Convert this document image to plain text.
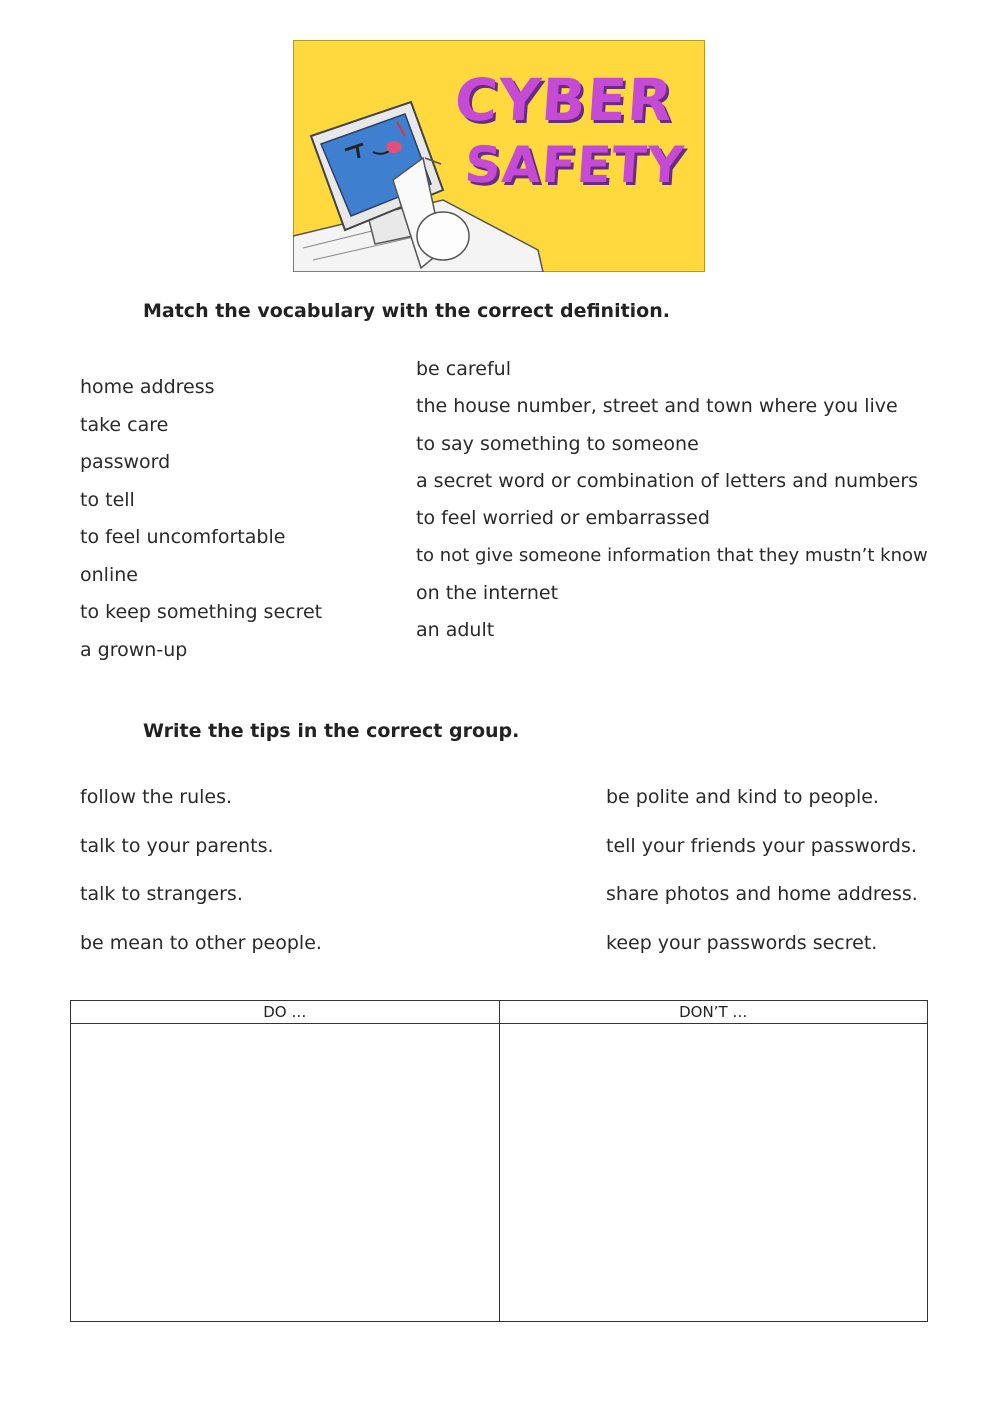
CYBER
SAFETY
Match the vocabulary with the correct definition.
home address
take care
password
to tell
to feel uncomfortable
online
to keep something secret
a grown-up
be careful
the house number, street and town where you live
to say something to someone
a secret word or combination of letters and numbers
to feel worried or embarrassed
to not give someone information that they mustn’t know
on the internet
an adult
Write the tips in the correct group.
follow the rules.
talk to your parents.
talk to strangers.
be mean to other people.
be polite and kind to people.
tell your friends your passwords.
share photos and home address.
keep your passwords secret.
DO …	DON’T …
